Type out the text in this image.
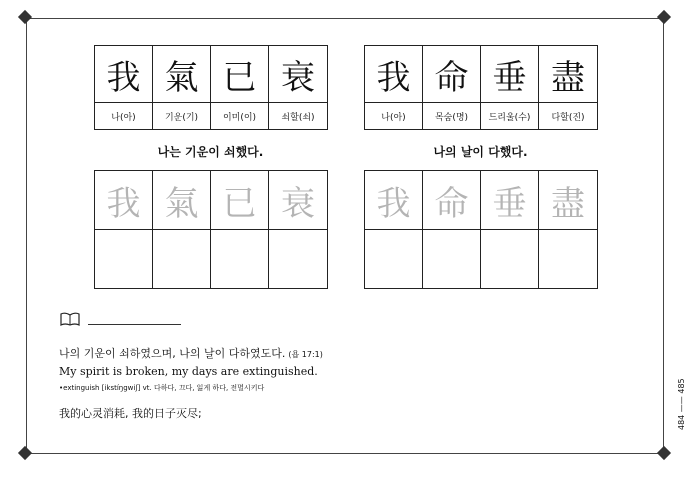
我 氣 已 衰
나(아)	기운(기)	이미(이)	쇠할(쇠)
나는 기운이 쇠했다.
我 氣 已 衰
我 命 垂 盡
나(아)	목숨(명)	드리울(수)	다할(진)
나의 날이 다했다.
我 命 垂 盡
나의 기운이 쇠하였으며, 나의 날이 다하였도다. (욥 17:1)
My spirit is broken, my days are extinguished.
•extinguish [ikstíŋgwiʃ] vt. 다하다, 끄다, 잃게 하다, 전멸시키다
我的心灵消耗, 我的日子灭尽;	484 —— 485
